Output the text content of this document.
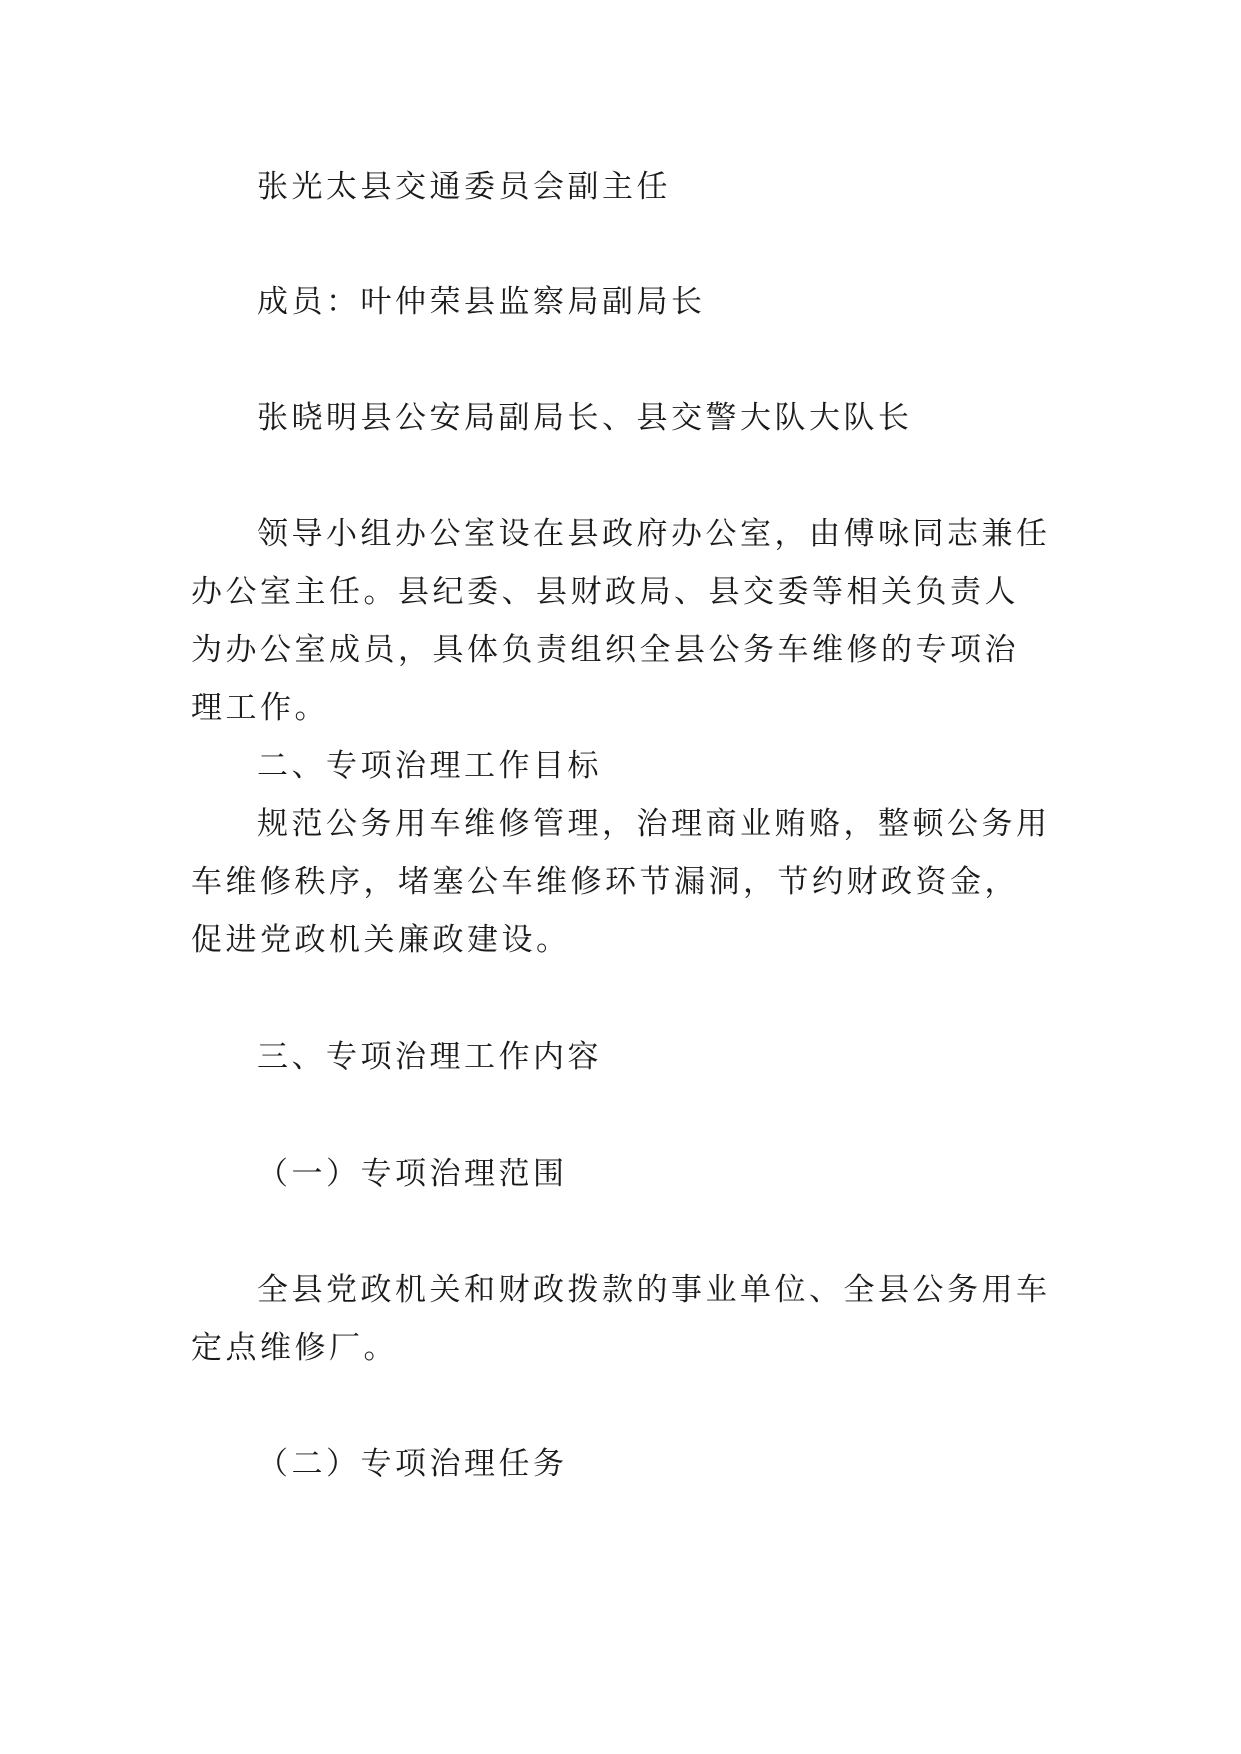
张光太县交通委员会副主任

成员：叶仲荣县监察局副局长

张晓明县公安局副局长、县交警大队大队长

领导小组办公室设在县政府办公室，由傅咏同志兼任办公室主任。县纪委、县财政局、县交委等相关负责人为办公室成员，具体负责组织全县公务车维修的专项治理工作。

二、专项治理工作目标

规范公务用车维修管理，治理商业贿赂，整顿公务用车维修秩序，堵塞公车维修环节漏洞，节约财政资金，促进党政机关廉政建设。

三、专项治理工作内容

（一）专项治理范围

全县党政机关和财政拨款的事业单位、全县公务用车定点维修厂。

（二）专项治理任务
